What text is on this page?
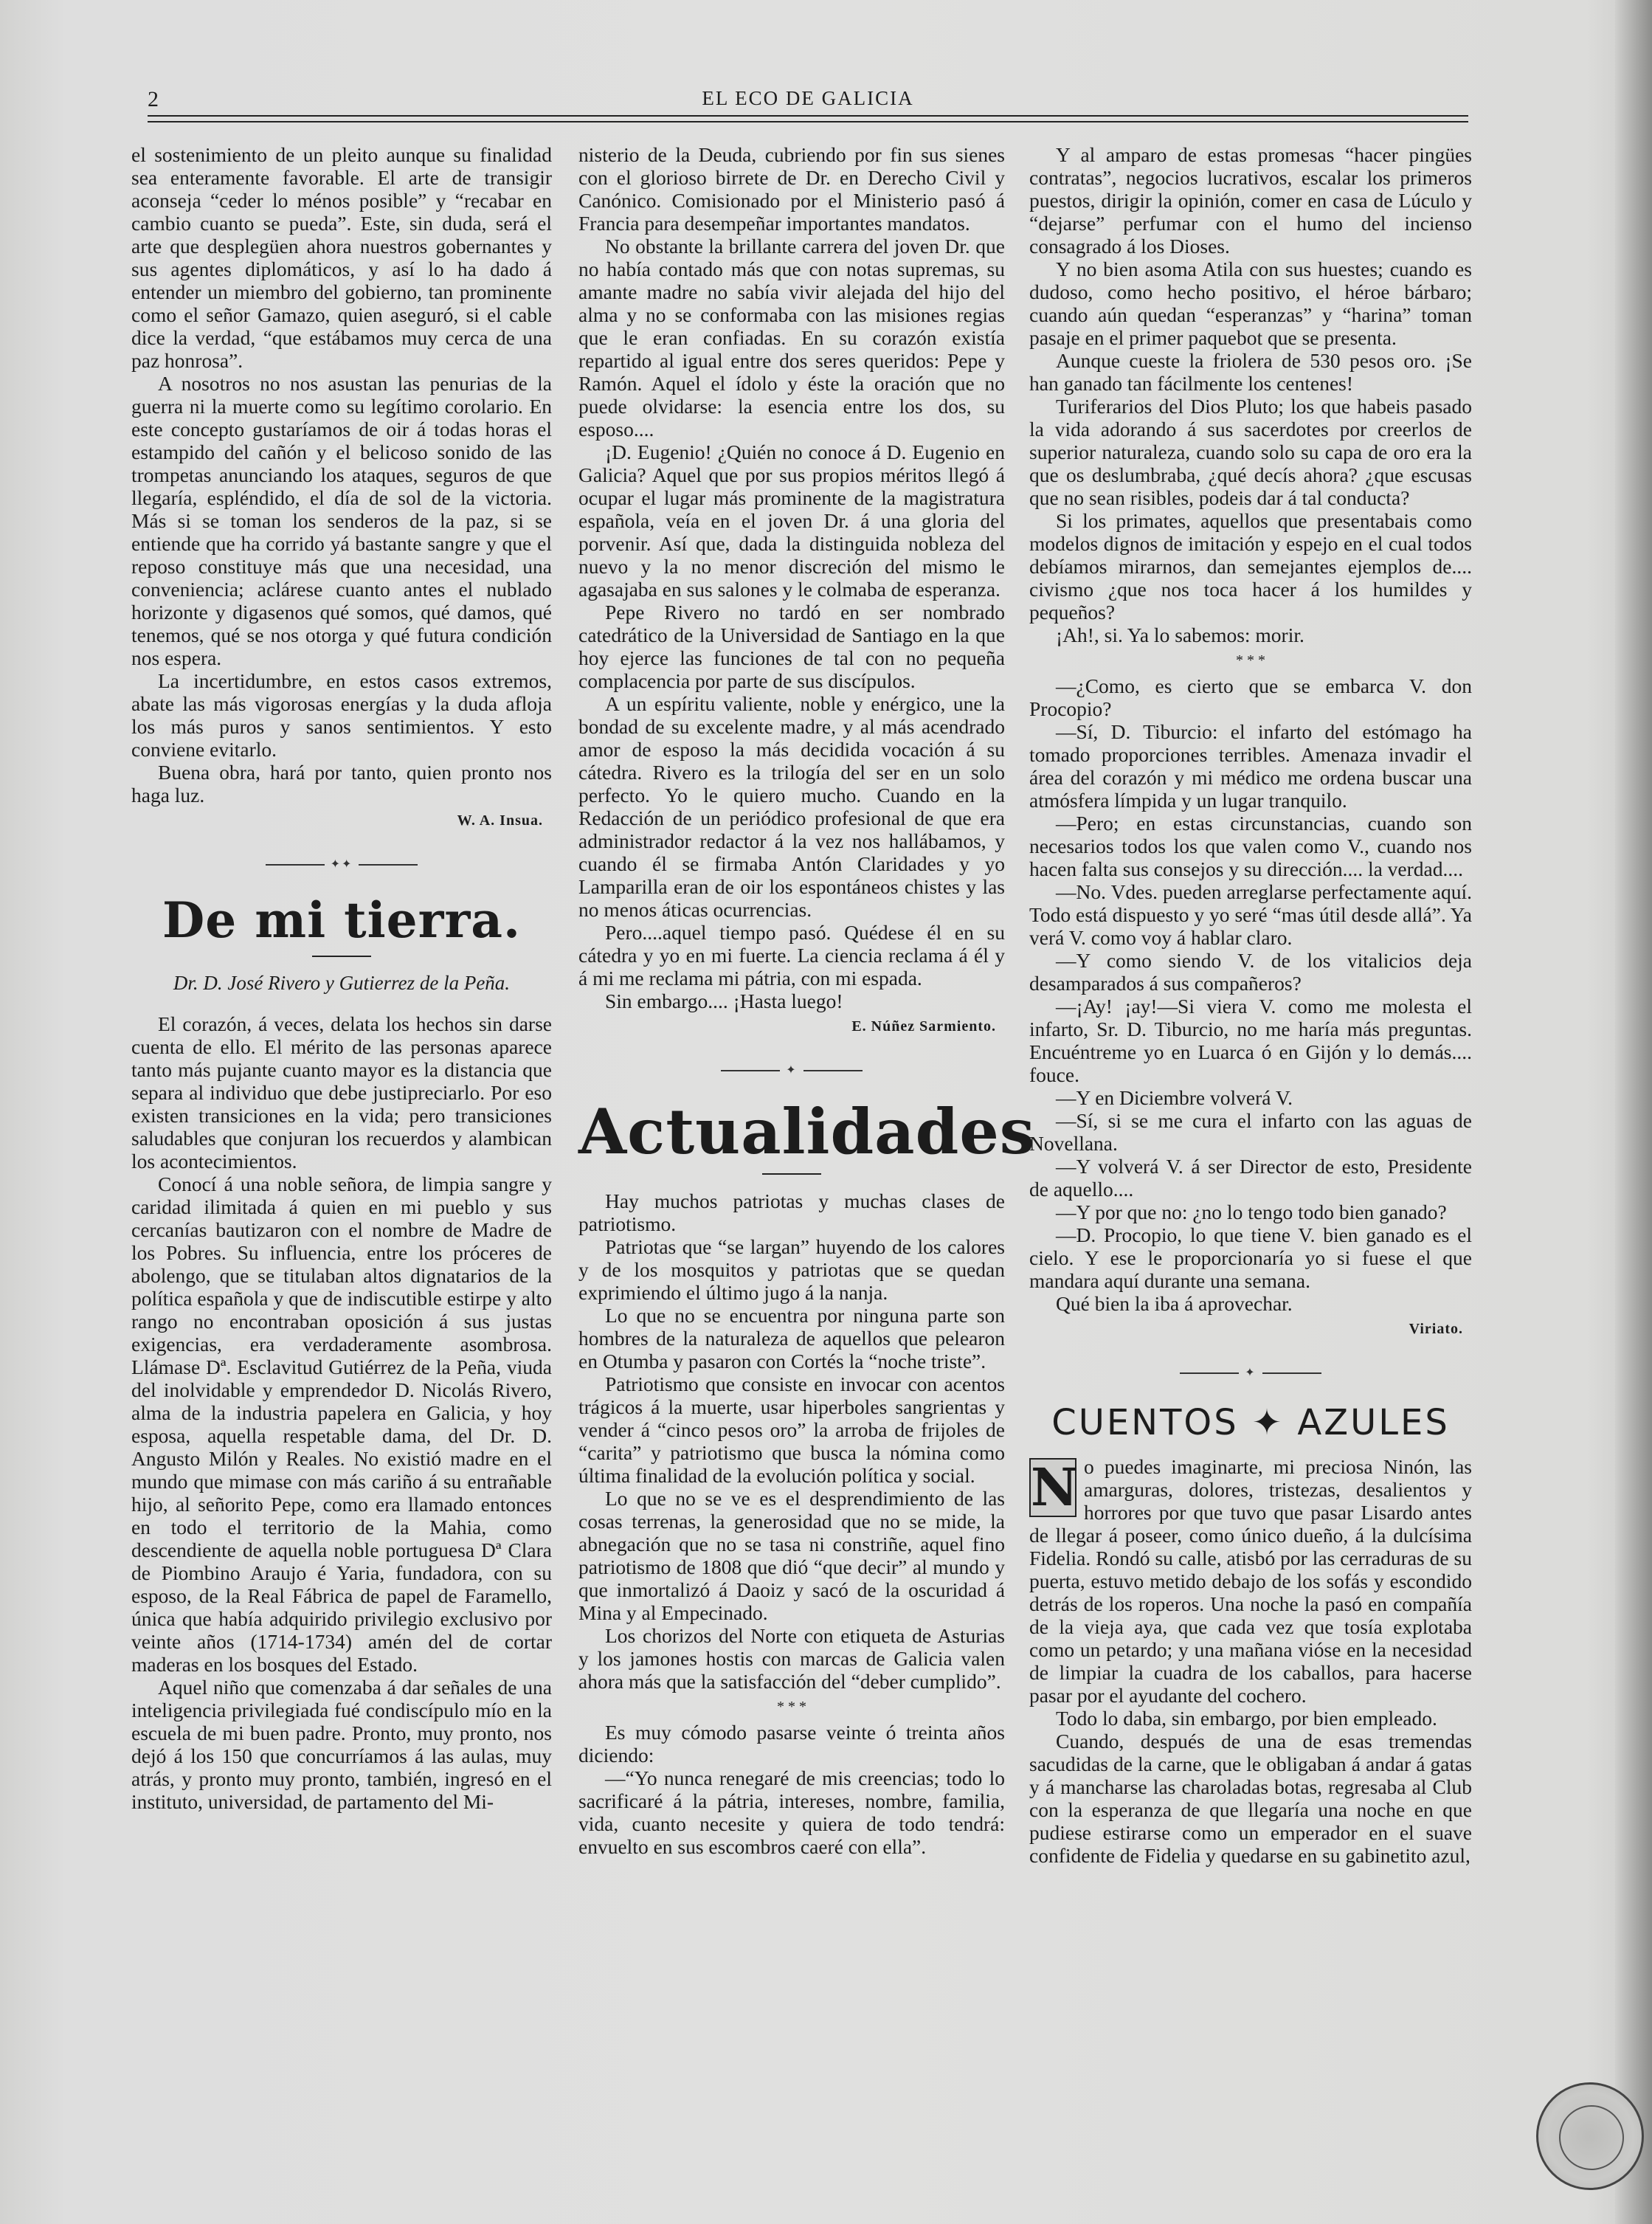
2	EL ECO DE GALICIA

el sostenimiento de un pleito aunque su finalidad sea enteramente favorable. El arte de transigir aconseja “ceder lo ménos posible” y “recabar en cambio cuanto se pueda”. Este, sin duda, será el arte que desplegüen ahora nuestros gobernantes y sus agentes diplomáticos, y así lo ha dado á entender un miembro del gobierno, tan prominente como el señor Gamazo, quien aseguró, si el cable dice la verdad, “que estábamos muy cerca de una paz honrosa”.

A nosotros no nos asustan las penurias de la guerra ni la muerte como su legítimo corolario. En este concepto gustaríamos de oir á todas horas el estampido del cañón y el belicoso sonido de las trompetas anunciando los ataques, seguros de que llegaría, espléndido, el día de sol de la victoria. Más si se toman los senderos de la paz, si se entiende que ha corrido yá bastante sangre y que el reposo constituye más que una necesidad, una conveniencia; aclárese cuanto antes el nublado horizonte y digasenos qué somos, qué damos, qué tenemos, qué se nos otorga y qué futura condición nos espera.

La incertidumbre, en estos casos extremos, abate las más vigorosas energías y la duda afloja los más puros y sanos sentimientos. Y esto conviene evitarlo.

Buena obra, hará por tanto, quien pronto nos haga luz.

W. A. Insua.
✦✦
De mi tierra.
Dr. D. José Rivero y Gutierrez de la Peña.

El corazón, á veces, delata los hechos sin darse cuenta de ello. El mérito de las personas aparece tanto más pujante cuanto mayor es la distancia que separa al individuo que debe justipreciarlo. Por eso existen transiciones en la vida; pero transiciones saludables que conjuran los recuerdos y alambican los acontecimientos.

Conocí á una noble señora, de limpia sangre y caridad ilimitada á quien en mi pueblo y sus cercanías bautizaron con el nombre de Madre de los Pobres. Su influencia, entre los próceres de abolengo, que se titulaban altos dignatarios de la política española y que de indiscutible estirpe y alto rango no encontraban oposición á sus justas exigencias, era verdaderamente asombrosa. Llámase Dª. Esclavitud Gutiérrez de la Peña, viuda del inolvidable y emprendedor D. Nicolás Rivero, alma de la industria papelera en Galicia, y hoy esposa, aquella respetable dama, del Dr. D. Angusto Milón y Reales. No existió madre en el mundo que mimase con más cariño á su entrañable hijo, al señorito Pepe, como era llamado entonces en todo el territorio de la Mahia, como descendiente de aquella noble portuguesa Dª Clara de Piombino Araujo é Yaria, fundadora, con su esposo, de la Real Fábrica de papel de Faramello, única que había adquirido privilegio exclusivo por veinte años (1714-1734) amén del de cortar maderas en los bosques del Estado.

Aquel niño que comenzaba á dar señales de una inteligencia privilegiada fué condiscípulo mío en la escuela de mi buen padre. Pronto, muy pronto, nos dejó á los 150 que concurríamos á las aulas, muy atrás, y pronto muy pronto, también, ingresó en el instituto, universidad, de partamento del Mi-

nisterio de la Deuda, cubriendo por fin sus sienes con el glorioso birrete de Dr. en Derecho Civil y Canónico. Comisionado por el Ministerio pasó á Francia para desempeñar importantes mandatos.

No obstante la brillante carrera del joven Dr. que no había contado más que con notas supremas, su amante madre no sabía vivir alejada del hijo del alma y no se conformaba con las misiones regias que le eran confiadas. En su corazón existía repartido al igual entre dos seres queridos: Pepe y Ramón. Aquel el ídolo y éste la oración que no puede olvidarse: la esencia entre los dos, su esposo....

¡D. Eugenio! ¿Quién no conoce á D. Eugenio en Galicia? Aquel que por sus propios méritos llegó á ocupar el lugar más prominente de la magistratura española, veía en el joven Dr. á una gloria del porvenir. Así que, dada la distinguida nobleza del nuevo y la no menor discreción del mismo le agasajaba en sus salones y le colmaba de esperanza.

Pepe Rivero no tardó en ser nombrado catedrático de la Universidad de Santiago en la que hoy ejerce las funciones de tal con no pequeña complacencia por parte de sus discípulos.

A un espíritu valiente, noble y enérgico, une la bondad de su excelente madre, y al más acendrado amor de esposo la más decidida vocación á su cátedra. Rivero es la trilogía del ser en un solo perfecto. Yo le quiero mucho. Cuando en la Redacción de un periódico profesional de que era administrador redactor á la vez nos hallábamos, y cuando él se firmaba Antón Claridades y yo Lamparilla eran de oir los espontáneos chistes y las no menos áticas ocurrencias.

Pero....aquel tiempo pasó. Quédese él en su cátedra y yo en mi fuerte. La ciencia reclama á él y á mi me reclama mi pátria, con mi espada.

Sin embargo.... ¡Hasta luego!

E. Núñez Sarmiento.
✦
Actualidades

Hay muchos patriotas y muchas clases de patriotismo.

Patriotas que “se largan” huyendo de los calores y de los mosquitos y patriotas que se quedan exprimiendo el último jugo á la nanja.

Lo que no se encuentra por ninguna parte son hombres de la naturaleza de aquellos que pelearon en Otumba y pasaron con Cortés la “noche triste”.

Patriotismo que consiste en invocar con acentos trágicos á la muerte, usar hiperboles sangrientas y vender á “cinco pesos oro” la arroba de frijoles de “carita” y patriotismo que busca la nómina como última finalidad de la evolución política y social.

Lo que no se ve es el desprendimiento de las cosas terrenas, la generosidad que no se mide, la abnegación que no se tasa ni constriñe, aquel fino patriotismo de 1808 que dió “que decir” al mundo y que inmortalizó á Daoiz y sacó de la oscuridad á Mina y al Empecinado.

Los chorizos del Norte con etiqueta de Asturias y los jamones hostis con marcas de Galicia valen ahora más que la satisfacción del “deber cumplido”.

* * *

Es muy cómodo pasarse veinte ó treinta años diciendo:

—“Yo nunca renegaré de mis creencias; todo lo sacrificaré á la pátria, intereses, nombre, familia, vida, cuanto necesite y quiera de todo tendrá: envuelto en sus escombros caeré con ella”.

Y al amparo de estas promesas “hacer pingües contratas”, negocios lucrativos, escalar los primeros puestos, dirigir la opinión, comer en casa de Lúculo y “dejarse” perfumar con el humo del incienso consagrado á los Dioses.

Y no bien asoma Atila con sus huestes; cuando es dudoso, como hecho positivo, el héroe bárbaro; cuando aún quedan “esperanzas” y “harina” toman pasaje en el primer paquebot que se presenta.

Aunque cueste la friolera de 530 pesos oro. ¡Se han ganado tan fácilmente los centenes!

Turiferarios del Dios Pluto; los que habeis pasado la vida adorando á sus sacerdotes por creerlos de superior naturaleza, cuando solo su capa de oro era la que os deslumbraba, ¿qué decís ahora? ¿que escusas que no sean risibles, podeis dar á tal conducta?

Si los primates, aquellos que presentabais como modelos dignos de imitación y espejo en el cual todos debíamos mirarnos, dan semejantes ejemplos de.... civismo ¿que nos toca hacer á los humildes y pequeños?

¡Ah!, si. Ya lo sabemos: morir.

* * *

—¿Como, es cierto que se embarca V. don Procopio?

—Sí, D. Tiburcio: el infarto del estómago ha tomado proporciones terribles. Amenaza invadir el área del corazón y mi médico me ordena buscar una atmósfera límpida y un lugar tranquilo.

—Pero; en estas circunstancias, cuando son necesarios todos los que valen como V., cuando nos hacen falta sus consejos y su dirección.... la verdad....

—No. Vdes. pueden arreglarse perfectamente aquí. Todo está dispuesto y yo seré “mas útil desde allá”. Ya verá V. como voy á hablar claro.

—Y como siendo V. de los vitalicios deja desamparados á sus compañeros?

—¡Ay! ¡ay!—Si viera V. como me molesta el infarto, Sr. D. Tiburcio, no me haría más preguntas. Encuéntreme yo en Luarca ó en Gijón y lo demás.... fouce.

—Y en Diciembre volverá V.

—Sí, si se me cura el infarto con las aguas de Novellana.

—Y volverá V. á ser Director de esto, Presidente de aquello....

—Y por que no: ¿no lo tengo todo bien ganado?

—D. Procopio, lo que tiene V. bien ganado es el cielo. Y ese le proporcionaría yo si fuese el que mandara aquí durante una semana.

Qué bien la iba á aprovechar.

Viriato.
✦
CUENTOS ✦ AZULES

N o puedes imaginarte, mi preciosa Ninón, las amarguras, dolores, tristezas, desalientos y horrores por que tuvo que pasar Lisardo antes de llegar á poseer, como único dueño, á la dulcísima Fidelia. Rondó su calle, atisbó por las cerraduras de su puerta, estuvo metido debajo de los sofás y escondido detrás de los roperos. Una noche la pasó en compañía de la vieja aya, que cada vez que tosía explotaba como un petardo; y una mañana vióse en la necesidad de limpiar la cuadra de los caballos, para hacerse pasar por el ayudante del cochero.

Todo lo daba, sin embargo, por bien empleado.

Cuando, después de una de esas tremendas sacudidas de la carne, que le obligaban á andar á gatas y á mancharse las charoladas botas, regresaba al Club con la esperanza de que llegaría una noche en que pudiese estirarse como un emperador en el suave confidente de Fidelia y quedarse en su gabinetito azul,
